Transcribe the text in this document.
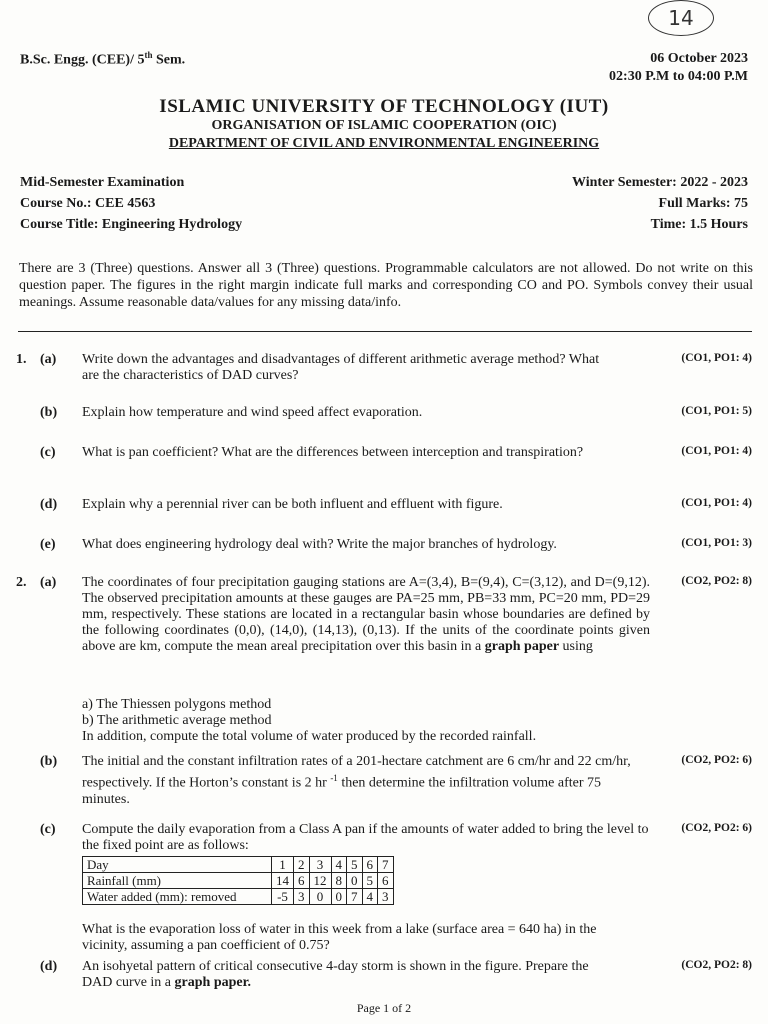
14
B.Sc. Engg. (CEE)/ 5th Sem.	06 October 2023
02:30 P.M to 04:00 P.M
ISLAMIC UNIVERSITY OF TECHNOLOGY (IUT)
ORGANISATION OF ISLAMIC COOPERATION (OIC)
DEPARTMENT OF CIVIL AND ENVIRONMENTAL ENGINEERING
Mid-Semester Examination
Course No.: CEE 4563
Course Title: Engineering Hydrology
Winter Semester: 2022 - 2023
Full Marks: 75
Time: 1.5 Hours
There are 3 (Three) questions. Answer all 3 (Three) questions. Programmable calculators are not allowed. Do not write on this question paper. The figures in the right margin indicate full marks and corresponding CO and PO. Symbols convey their usual meanings. Assume reasonable data/values for any missing data/info.
1. (a) Write down the advantages and disadvantages of different arithmetic average method? What are the characteristics of DAD curves?
(CO1, PO1: 4)
(b) Explain how temperature and wind speed affect evaporation.	(CO1, PO1: 5)
(c) What is pan coefficient? What are the differences between interception and transpiration?	(CO1, PO1: 4)
(d) Explain why a perennial river can be both influent and effluent with figure.	(CO1, PO1: 4)
(e) What does engineering hydrology deal with? Write the major branches of hydrology.	(CO1, PO1: 3)
2. (a) The coordinates of four precipitation gauging stations are A=(3,4), B=(9,4), C=(3,12), and D=(9,12). The observed precipitation amounts at these gauges are PA=25 mm, PB=33 mm, PC=20 mm, PD=29 mm, respectively. These stations are located in a rectangular basin whose boundaries are defined by the following coordinates (0,0), (14,0), (14,13), (0,13). If the units of the coordinate points given above are km, compute the mean areal precipitation over this basin in a graph paper using
a) The Thiessen polygons method
b) The arithmetic average method
In addition, compute the total volume of water produced by the recorded rainfall.
(CO2, PO2: 8)
(b) The initial and the constant infiltration rates of a 201-hectare catchment are 6 cm/hr and 22 cm/hr, respectively. If the Horton’s constant is 2 hr $^{-1}$ then determine the infiltration volume after 75 minutes.
(CO2, PO2: 6)
(c) Compute the daily evaporation from a Class A pan if the amounts of water added to bring the level to the fixed point are as follows:
(CO2, PO2: 6)
Day	1	2	3	4	5	6	7
Rainfall (mm)	14	6	12	8	0	5	6
Water added (mm): removed	-5	3	0	0	7	4	3
What is the evaporation loss of water in this week from a lake (surface area = 640 ha) in the vicinity, assuming a pan coefficient of 0.75?
(d) An isohyetal pattern of critical consecutive 4-day storm is shown in the figure. Prepare the DAD curve in a graph paper.
(CO2, PO2: 8)
Page 1 of 2
